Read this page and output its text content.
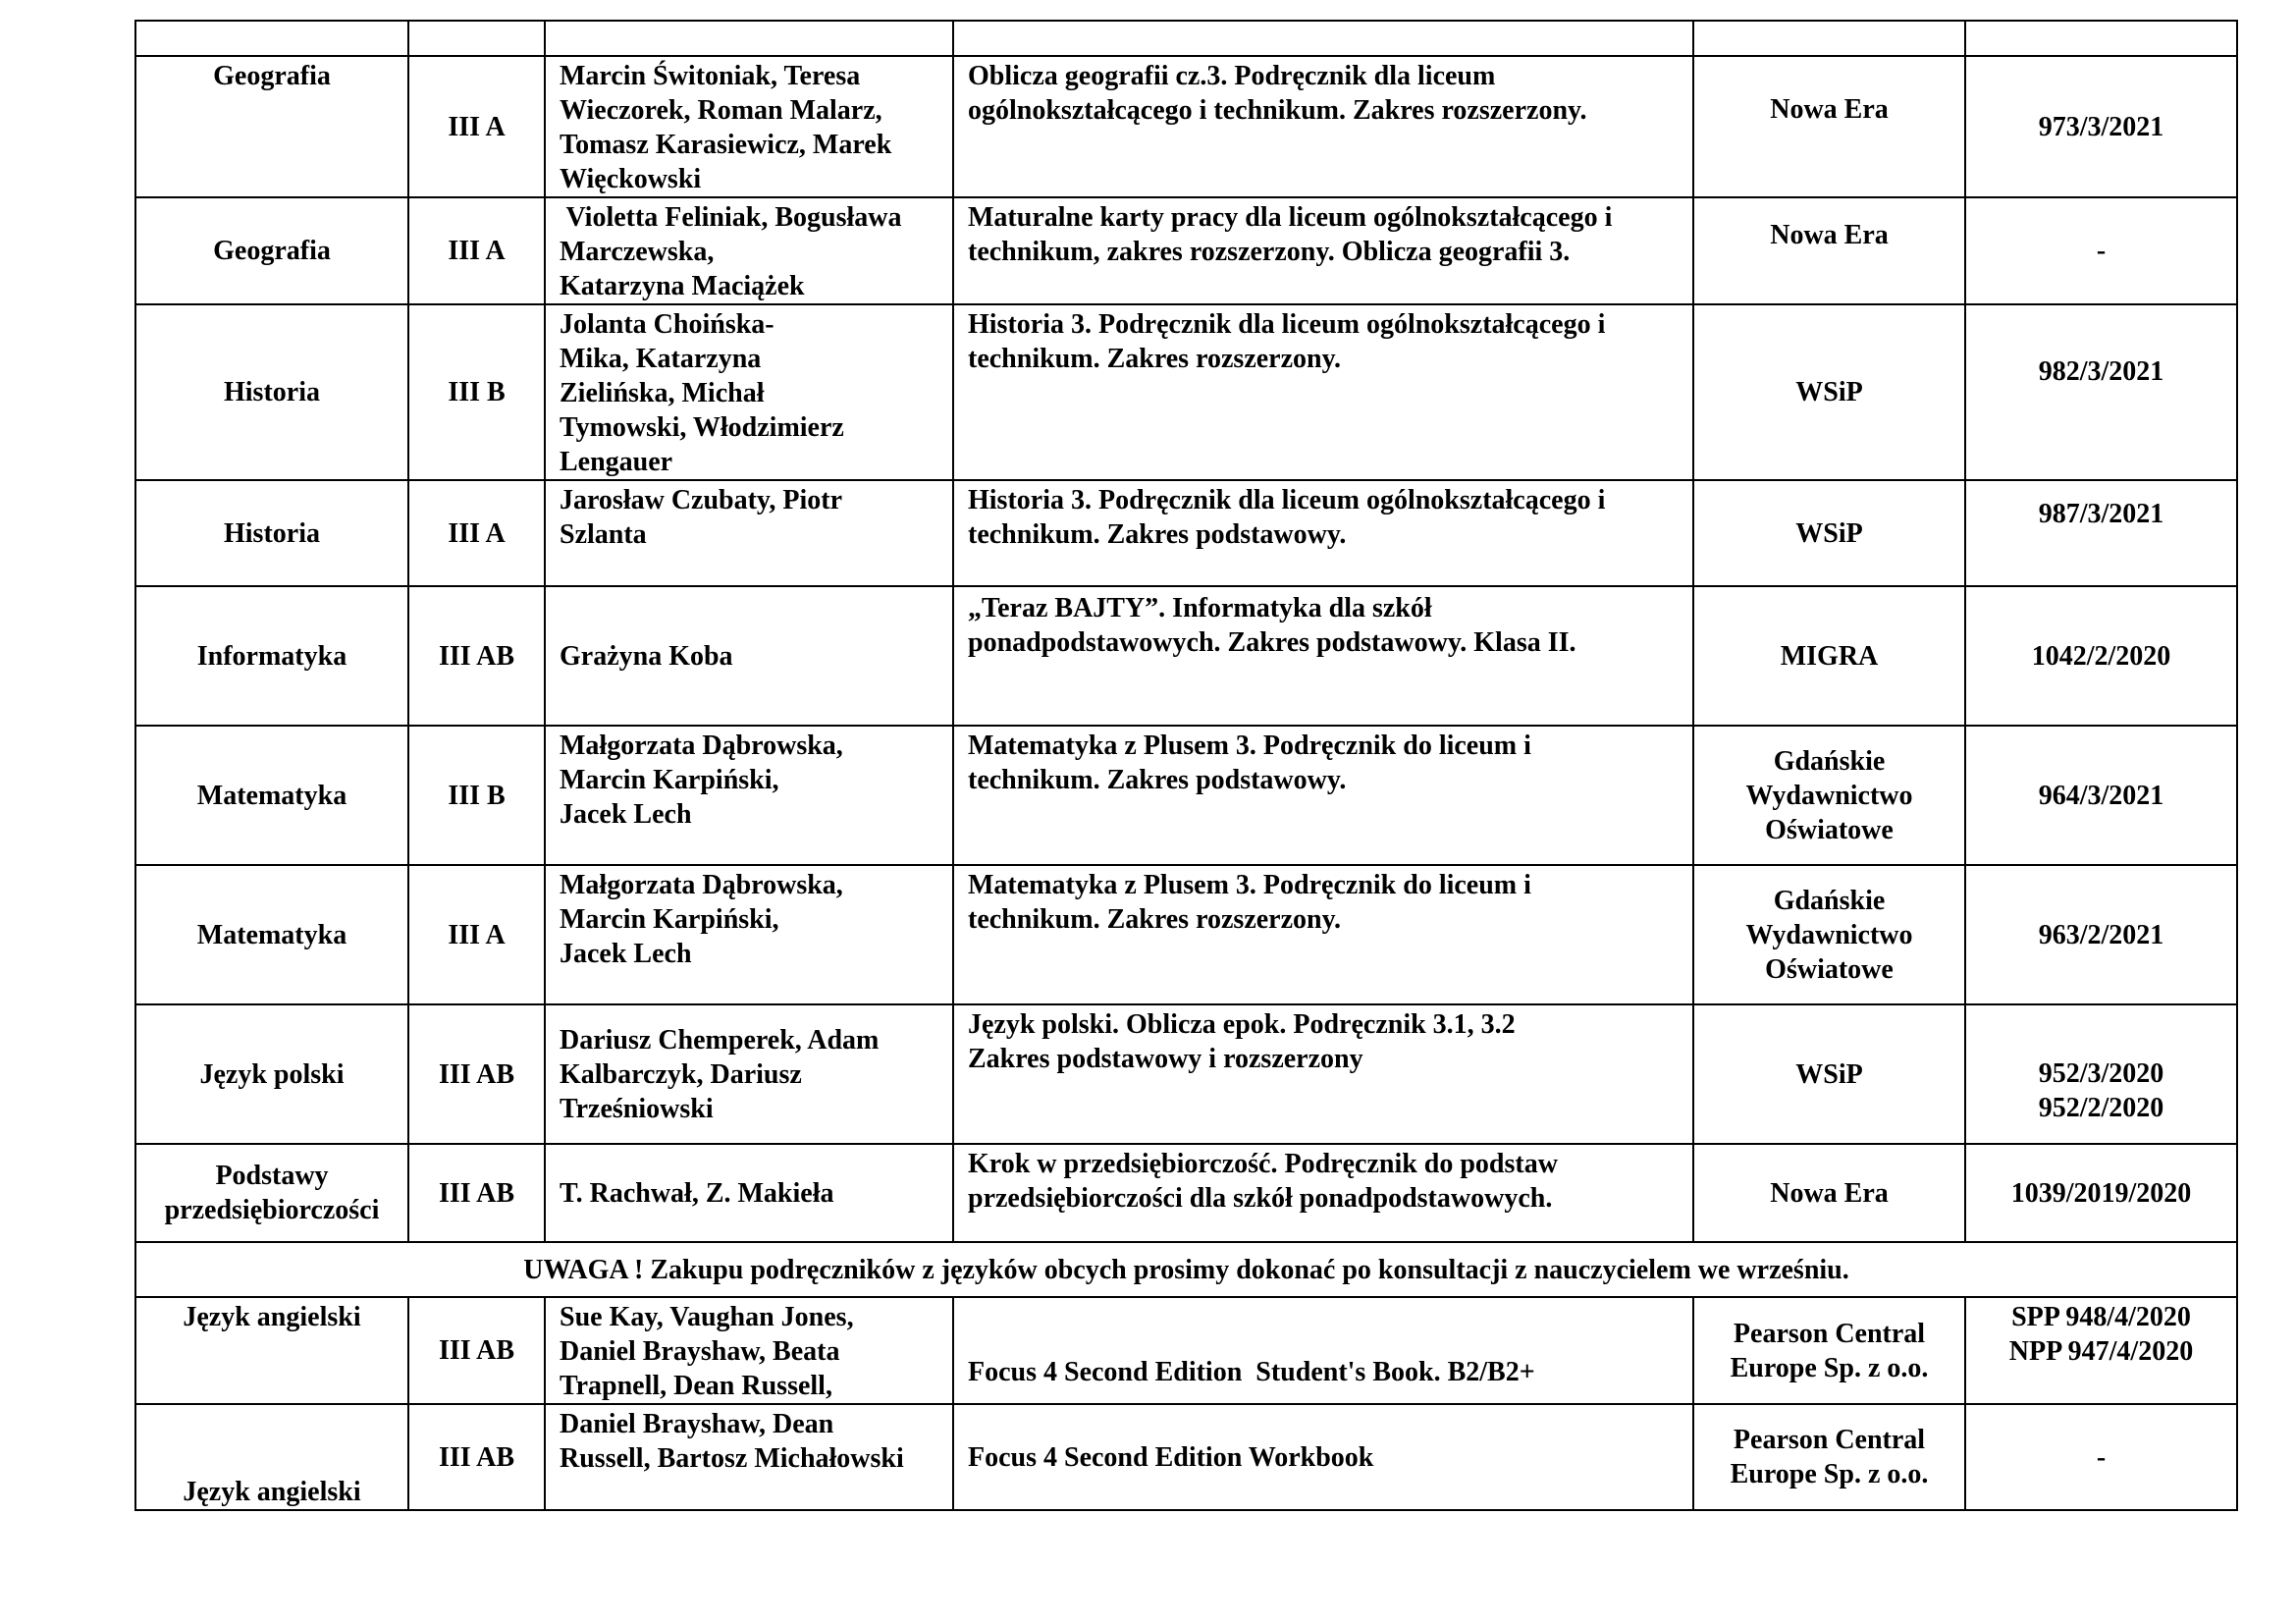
Geografia	III A	Marcin Świtoniak, Teresa
Wieczorek, Roman Malarz,
Tomasz Karasiewicz, Marek
Więckowski	Oblicza geografii cz.3. Podręcznik dla liceum
ogólnokształcącego i technikum. Zakres rozszerzony.	Nowa Era	973/3/2021
Geografia	III A	Violetta Feliniak, Bogusława
Marczewska,
Katarzyna Maciążek	Maturalne karty pracy dla liceum ogólnokształcącego i
technikum, zakres rozszerzony. Oblicza geografii 3.	Nowa Era	-
Historia	III B	Jolanta Choińska-
Mika, Katarzyna
Zielińska, Michał
Tymowski, Włodzimierz
Lengauer	Historia 3. Podręcznik dla liceum ogólnokształcącego i
technikum. Zakres rozszerzony.	WSiP	982/3/2021
Historia	III A	Jarosław Czubaty, Piotr
Szlanta	Historia 3. Podręcznik dla liceum ogólnokształcącego i
technikum. Zakres podstawowy.	WSiP	987/3/2021
Informatyka	III AB	Grażyna Koba	„Teraz BAJTY”. Informatyka dla szkół
ponadpodstawowych. Zakres podstawowy. Klasa II.	MIGRA	1042/2/2020
Matematyka	III B	Małgorzata Dąbrowska,
Marcin Karpiński,
Jacek Lech	Matematyka z Plusem 3. Podręcznik do liceum i
technikum. Zakres podstawowy.	Gdańskie
Wydawnictwo
Oświatowe	964/3/2021
Matematyka	III A	Małgorzata Dąbrowska,
Marcin Karpiński,
Jacek Lech	Matematyka z Plusem 3. Podręcznik do liceum i
technikum. Zakres rozszerzony.	Gdańskie
Wydawnictwo
Oświatowe	963/2/2021
Język polski	III AB	Dariusz Chemperek, Adam
Kalbarczyk, Dariusz
Trześniowski	Język polski. Oblicza epok. Podręcznik 3.1, 3.2
Zakres podstawowy i rozszerzony	WSiP	952/3/2020
952/2/2020

Podstawy przedsiębiorczości	III AB	T. Rachwał, Z. Makieła	Krok w przedsiębiorczość. Podręcznik do podstaw
przedsiębiorczości dla szkół ponadpodstawowych.	Nowa Era	1039/2019/2020
UWAGA ! Zakupu podręczników z języków obcych prosimy dokonać po konsultacji z nauczycielem we wrześniu.					
Język angielski	III AB	Sue Kay, Vaughan Jones,
Daniel Brayshaw, Beata
Trapnell, Dean Russell,	Focus 4 Second Edition  Student's Book. B2/B2+	Pearson Central
Europe Sp. z o.o.	SPP 948/4/2020
NPP 947/4/2020

Język angielski	III AB	Daniel Brayshaw, Dean
Russell, Bartosz Michałowski	Focus 4 Second Edition Workbook	Pearson Central
Europe Sp. z o.o.	-
